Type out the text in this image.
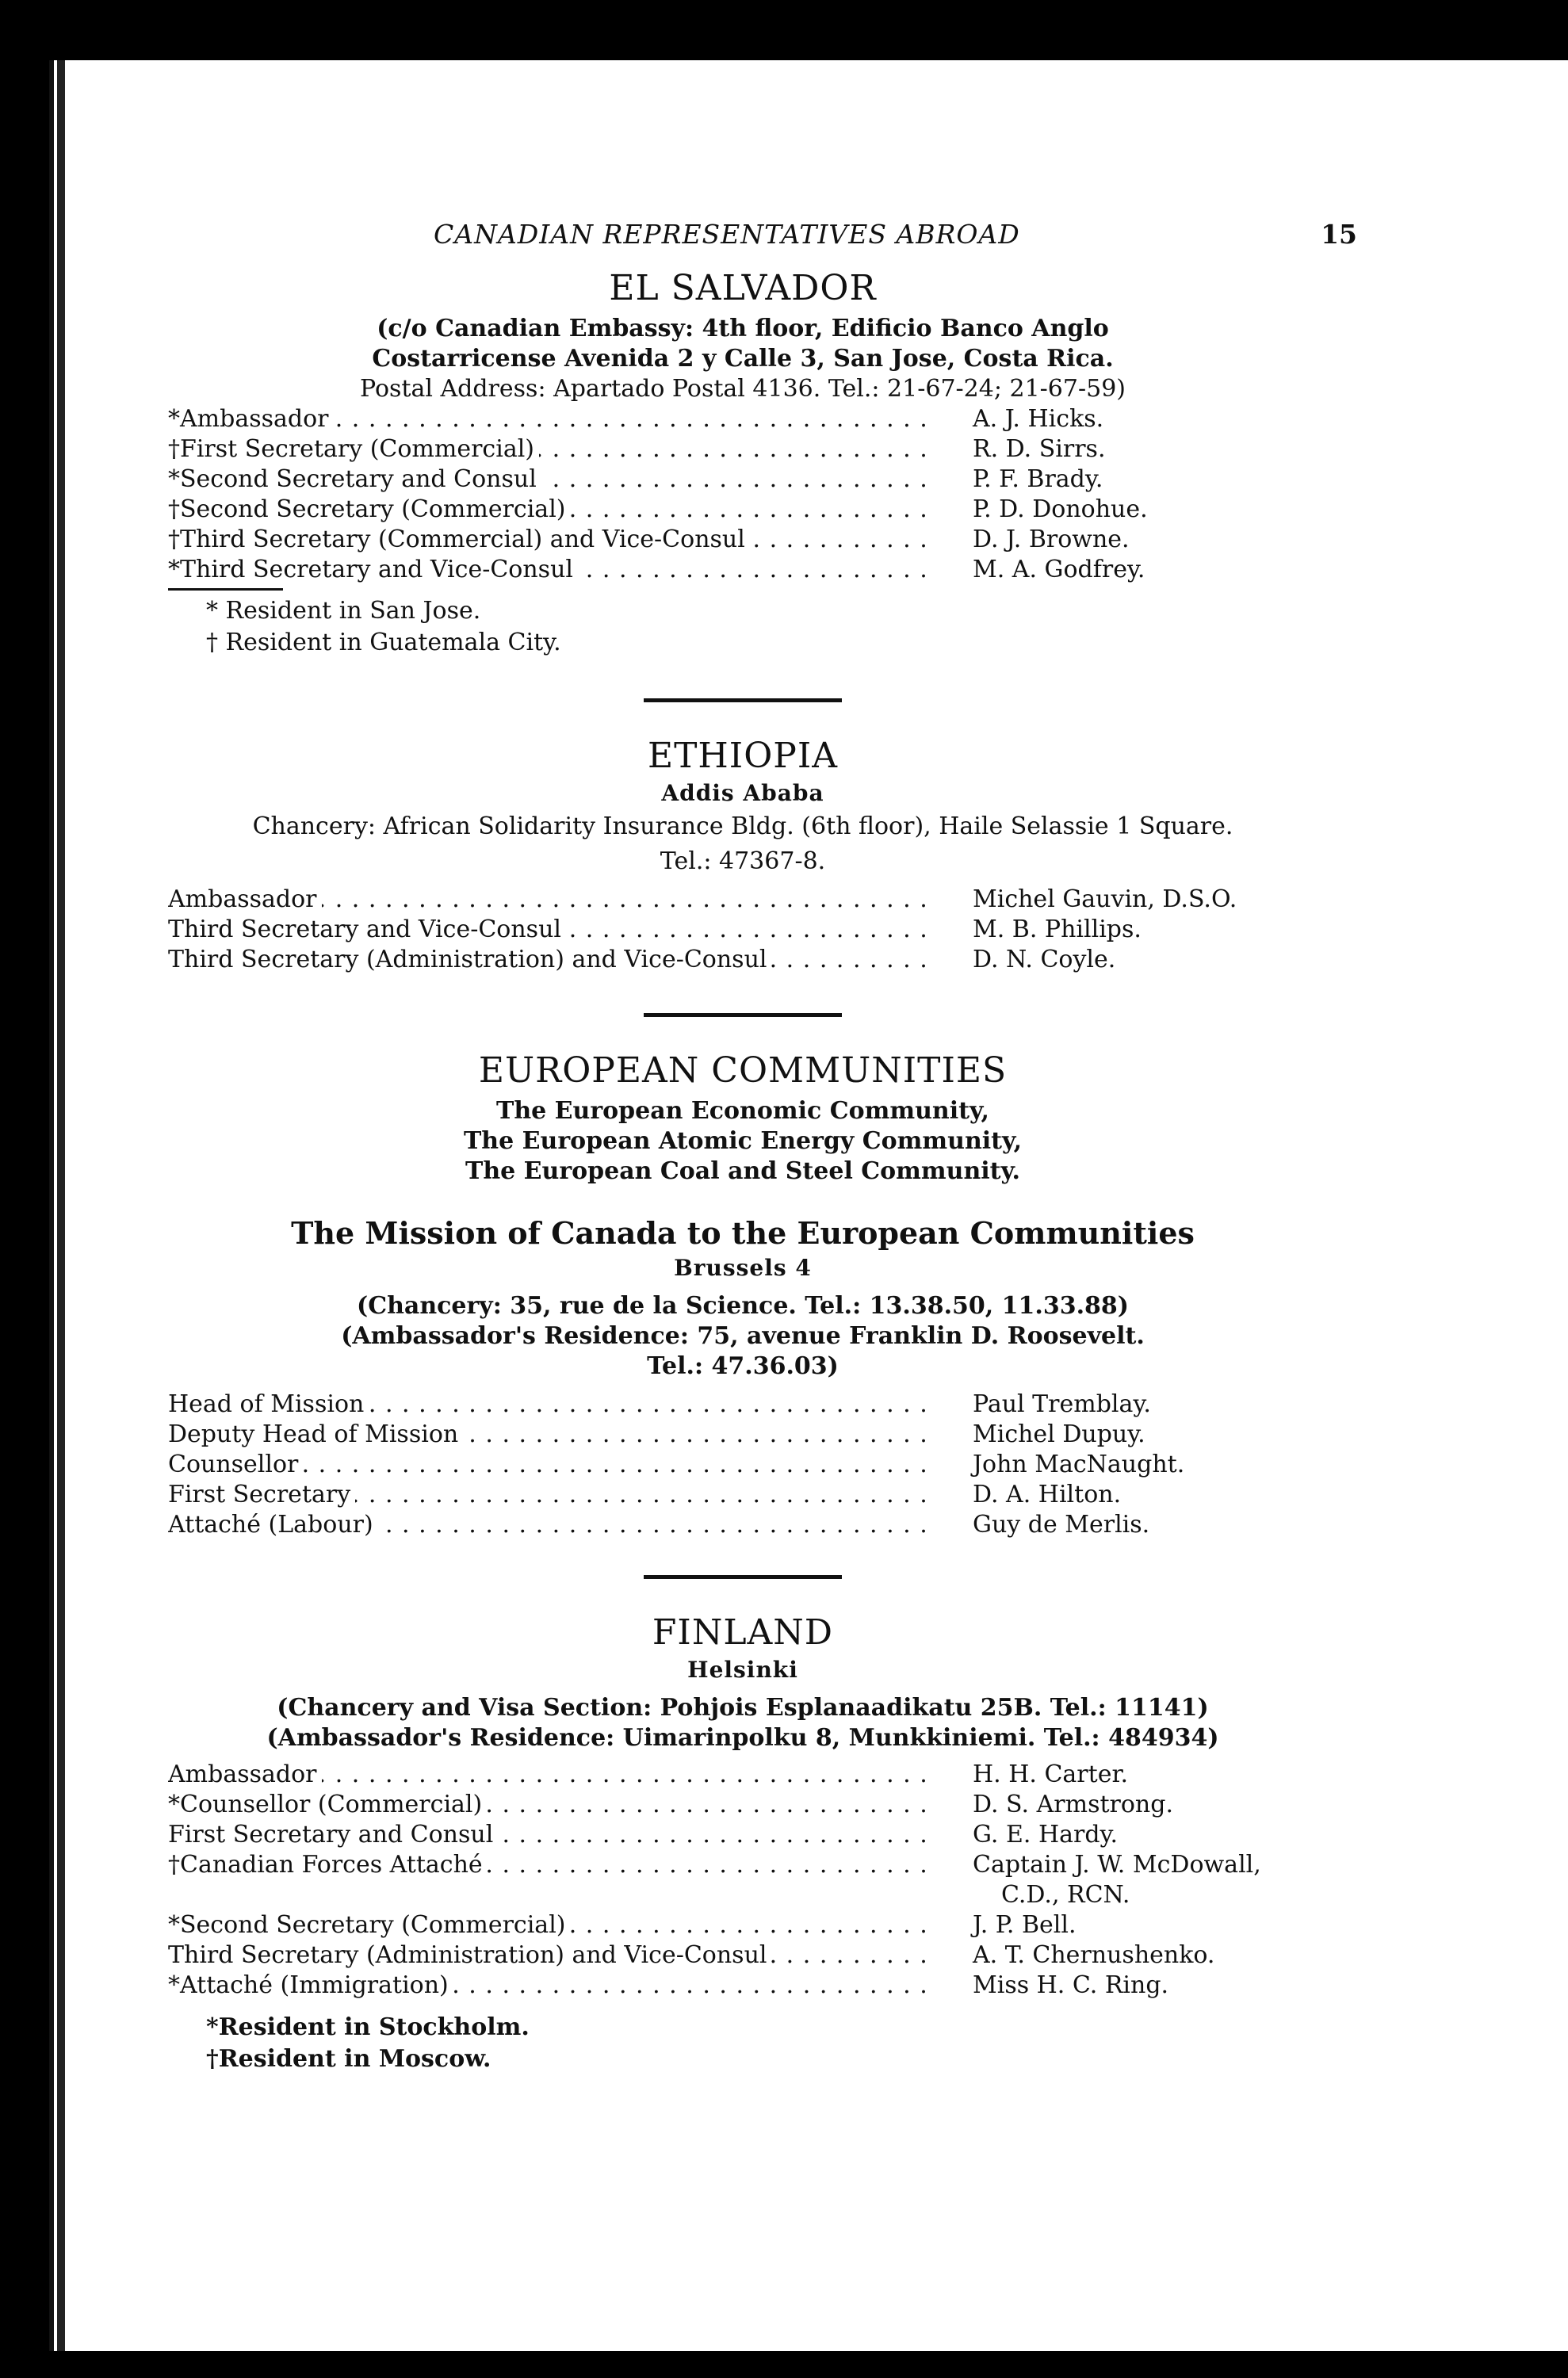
CANADIAN REPRESENTATIVES ABROAD	15
EL SALVADOR
(c/o Canadian Embassy: 4th floor, Edificio Banco Anglo
Costarricense Avenida 2 y Calle 3, San Jose, Costa Rica.
Postal Address: Apartado Postal 4136. Tel.: 21-67-24; 21-67-59)
*Ambassador . . .	A. J. Hicks.
†First Secretary (Commercial) . . .	R. D. Sirrs.
*Second Secretary and Consul . . .	P. F. Brady.
†Second Secretary (Commercial) . . .	P. D. Donohue.
†Third Secretary (Commercial) and Vice-Consul . . .	D. J. Browne.
*Third Secretary and Vice-Consul . . .	M. A. Godfrey.
* Resident in San Jose.
† Resident in Guatemala City.
ETHIOPIA
Addis Ababa
Chancery: African Solidarity Insurance Bldg. (6th floor), Haile Selassie 1 Square.
Tel.: 47367-8.
Ambassador . . .	Michel Gauvin, D.S.O.
Third Secretary and Vice-Consul . . .	M. B. Phillips.
Third Secretary (Administration) and Vice-Consul . . .	D. N. Coyle.
EUROPEAN COMMUNITIES
The European Economic Community,
The European Atomic Energy Community,
The European Coal and Steel Community.
The Mission of Canada to the European Communities
Brussels 4
(Chancery: 35, rue de la Science. Tel.: 13.38.50, 11.33.88)
(Ambassador's Residence: 75, avenue Franklin D. Roosevelt.
Tel.: 47.36.03)
Head of Mission . . .	Paul Tremblay.
Deputy Head of Mission . . .	Michel Dupuy.
Counsellor . . .	John MacNaught.
First Secretary . . .	D. A. Hilton.
Attaché (Labour) . . .	Guy de Merlis.
FINLAND
Helsinki
(Chancery and Visa Section: Pohjois Esplanaadikatu 25B. Tel.: 11141)
(Ambassador's Residence: Uimarinpolku 8, Munkkiniemi. Tel.: 484934)
Ambassador . . .	H. H. Carter.
*Counsellor (Commercial) . . .	D. S. Armstrong.
First Secretary and Consul . . .	G. E. Hardy.
†Canadian Forces Attaché . . .	Captain J. W. McDowall,
C.D., RCN.
*Second Secretary (Commercial) . . .	J. P. Bell.
Third Secretary (Administration) and Vice-Consul . . .	A. T. Chernushenko.
*Attaché (Immigration) . . .	Miss H. C. Ring.
*Resident in Stockholm.
†Resident in Moscow.
